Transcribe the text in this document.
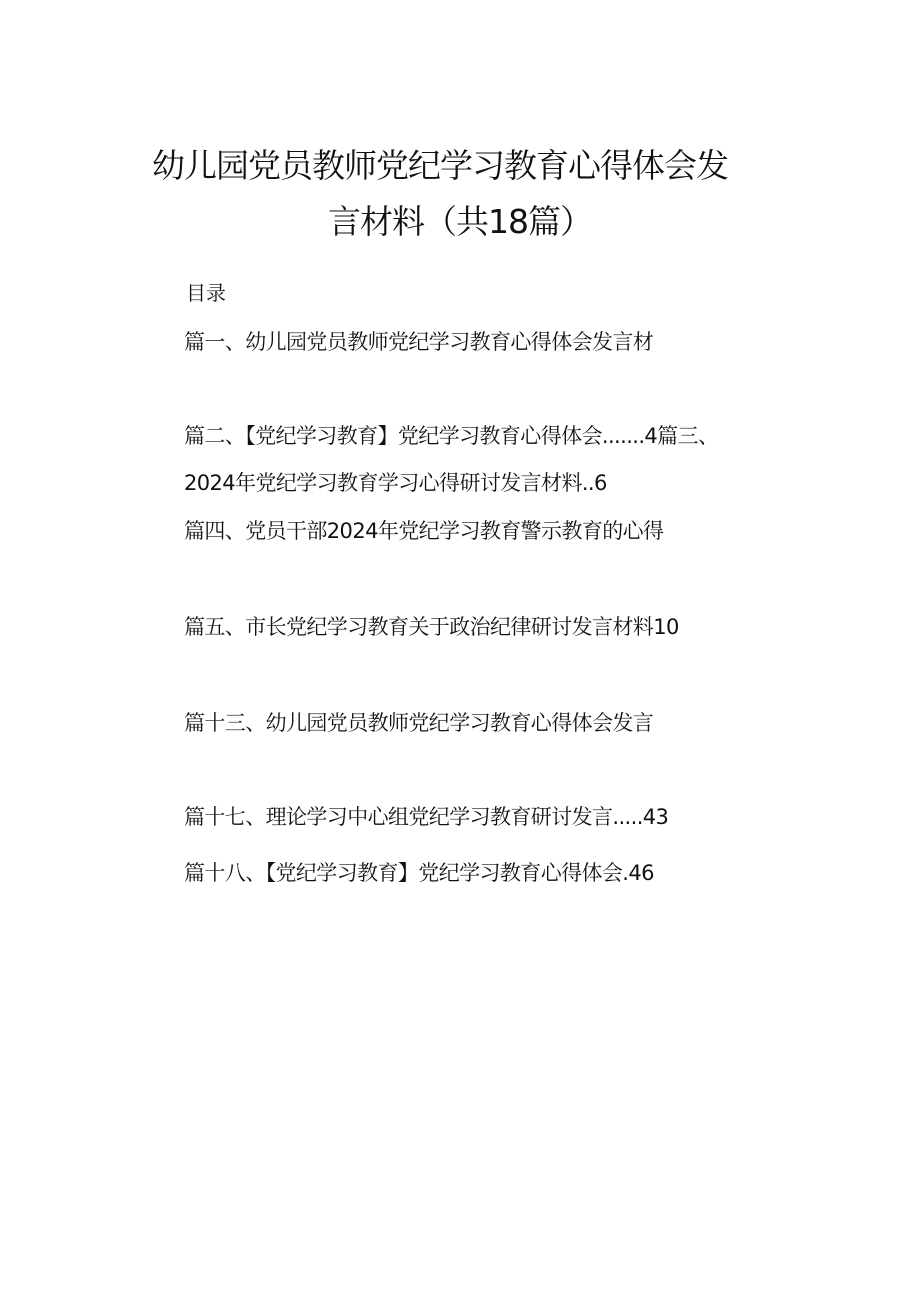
幼儿园党员教师党纪学习教育心得体会发
言材料（共18篇）
目录
篇一、幼儿园党员教师党纪学习教育心得体会发言材
篇二、【党纪学习教育】党纪学习教育心得体会.......4篇三、
2024年党纪学习教育学习心得研讨发言材料..6
篇四、党员干部2024年党纪学习教育警示教育的心得
篇五、市长党纪学习教育关于政治纪律研讨发言材料10
篇十三、幼儿园党员教师党纪学习教育心得体会发言
篇十七、理论学习中心组党纪学习教育研讨发言.....43
篇十八、【党纪学习教育】党纪学习教育心得体会.46
